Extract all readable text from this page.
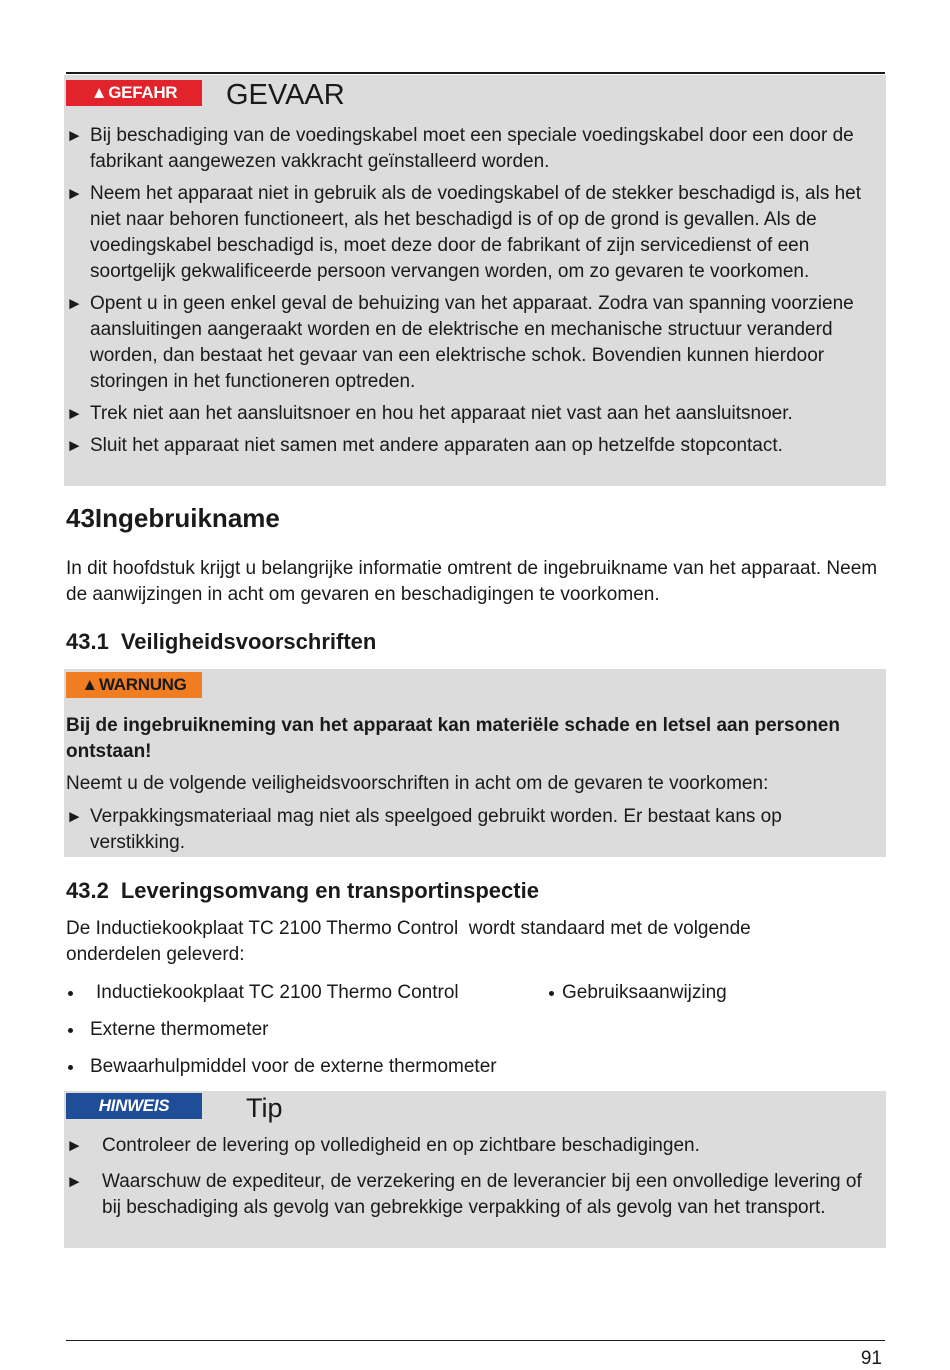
▲GEFAHR	GEVAAR
► Bij beschadiging van de voedingskabel moet een speciale voedingskabel door een door de fabrikant aangewezen vakkracht geïnstalleerd worden.
► Neem het apparaat niet in gebruik als de voedingskabel of de stekker beschadigd is, als het niet naar behoren functioneert, als het beschadigd is of op de grond is gevallen. Als de voedingskabel beschadigd is, moet deze door de fabrikant of zijn servicedienst of een soortgelijk gekwalificeerde persoon vervangen worden, om zo gevaren te voorkomen.
► Opent u in geen enkel geval de behuizing van het apparaat. Zodra van spanning voorziene aansluitingen aangeraakt worden en de elektrische en mechanische structuur veranderd worden, dan bestaat het gevaar van een elektrische schok. Bovendien kunnen hierdoor storingen in het functioneren optreden.
► Trek niet aan het aansluitsnoer en hou het apparaat niet vast aan het aansluitsnoer.
► Sluit het apparaat niet samen met andere apparaten aan op hetzelfde stopcontact.
43Ingebruikname

In dit hoofdstuk krijgt u belangrijke informatie omtrent de ingebruikname van het apparaat. Neem de aanwijzingen in acht om gevaren en beschadigingen te voorkomen.

43.1 Veiligheidsvoorschriften
▲WARNUNG

Bij de ingebruikneming van het apparaat kan materiële schade en letsel aan personen ontstaan!

Neemt u de volgende veiligheidsvoorschriften in acht om de gevaren te voorkomen:

► Verpakkingsmateriaal mag niet als speelgoed gebruikt worden. Er bestaat kans op verstikking.
43.2 Leveringsomvang en transportinspectie

De Inductiekookplaat TC 2100 Thermo Control  wordt standaard met de volgende onderdelen geleverd:

Inductiekookplaat TC 2100 Thermo Control
Externe thermometer
Bewaarhulpmiddel voor de externe thermometer
Gebruiksaanwijzing
HINWEIS	Tip
► Controleer de levering op volledigheid en op zichtbare beschadigingen.
► Waarschuw de expediteur, de verzekering en de leverancier bij een onvolledige levering of bij beschadiging als gevolg van gebrekkige verpakking of als gevolg van het transport.
91
